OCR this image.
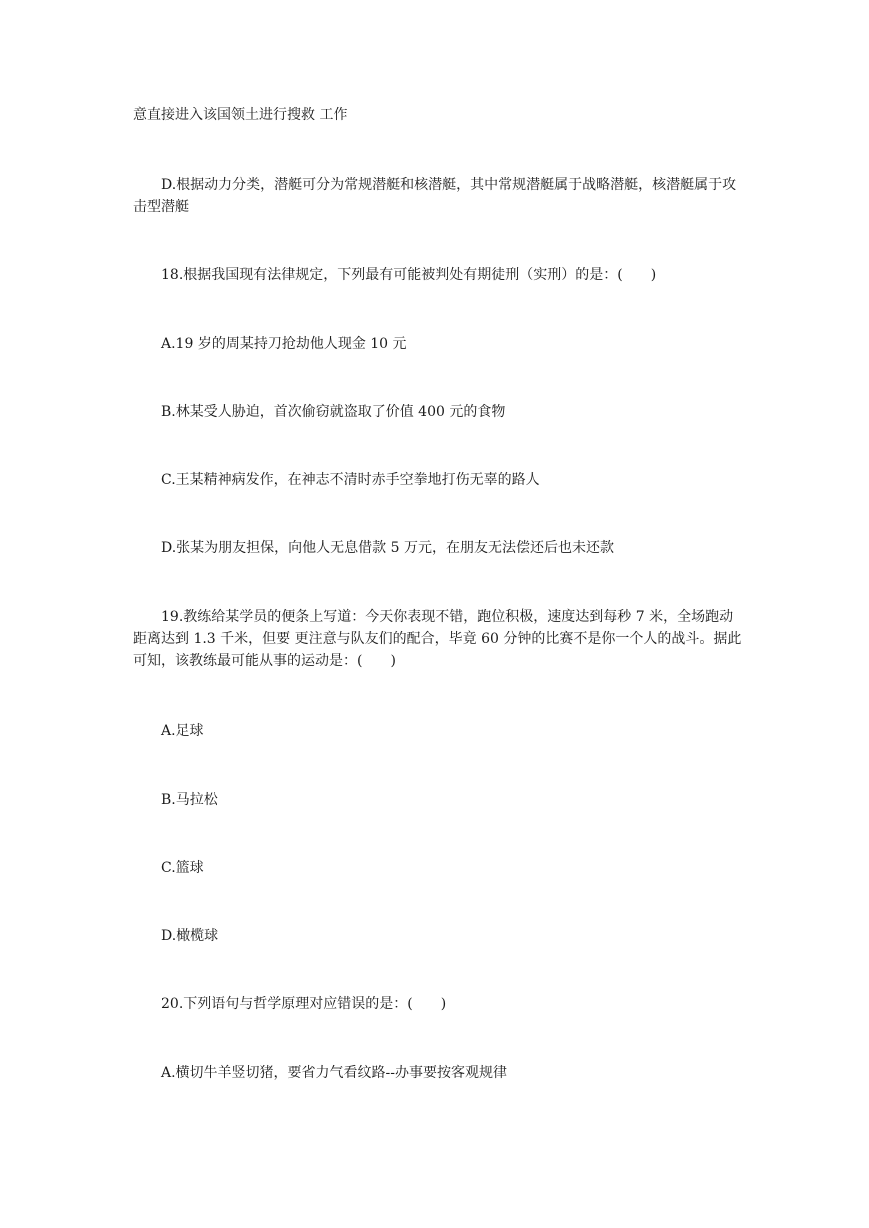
意直接进入该国领土进行搜救 工作

D.根据动力分类，潜艇可分为常规潜艇和核潜艇，其中常规潜艇属于战略潜艇，核潜艇属于攻击型潜艇

18.根据我国现有法律规定，下列最有可能被判处有期徒刑（实刑）的是：(　　)

A.19 岁的周某持刀抢劫他人现金 10 元

B.林某受人胁迫，首次偷窃就盗取了价值 400 元的食物

C.王某精神病发作，在神志不清时赤手空拳地打伤无辜的路人

D.张某为朋友担保，向他人无息借款 5 万元，在朋友无法偿还后也未还款

19.教练给某学员的便条上写道：今天你表现不错，跑位积极，速度达到每秒 7 米，全场跑动距离达到 1.3 千米，但要 更注意与队友们的配合，毕竟 60 分钟的比赛不是你一个人的战斗。据此可知，该教练最可能从事的运动是：(　　)

A.足球

B.马拉松

C.篮球

D.橄榄球

20.下列语句与哲学原理对应错误的是：(　　)

A.横切牛羊竖切猪，要省力气看纹路--办事要按客观规律
